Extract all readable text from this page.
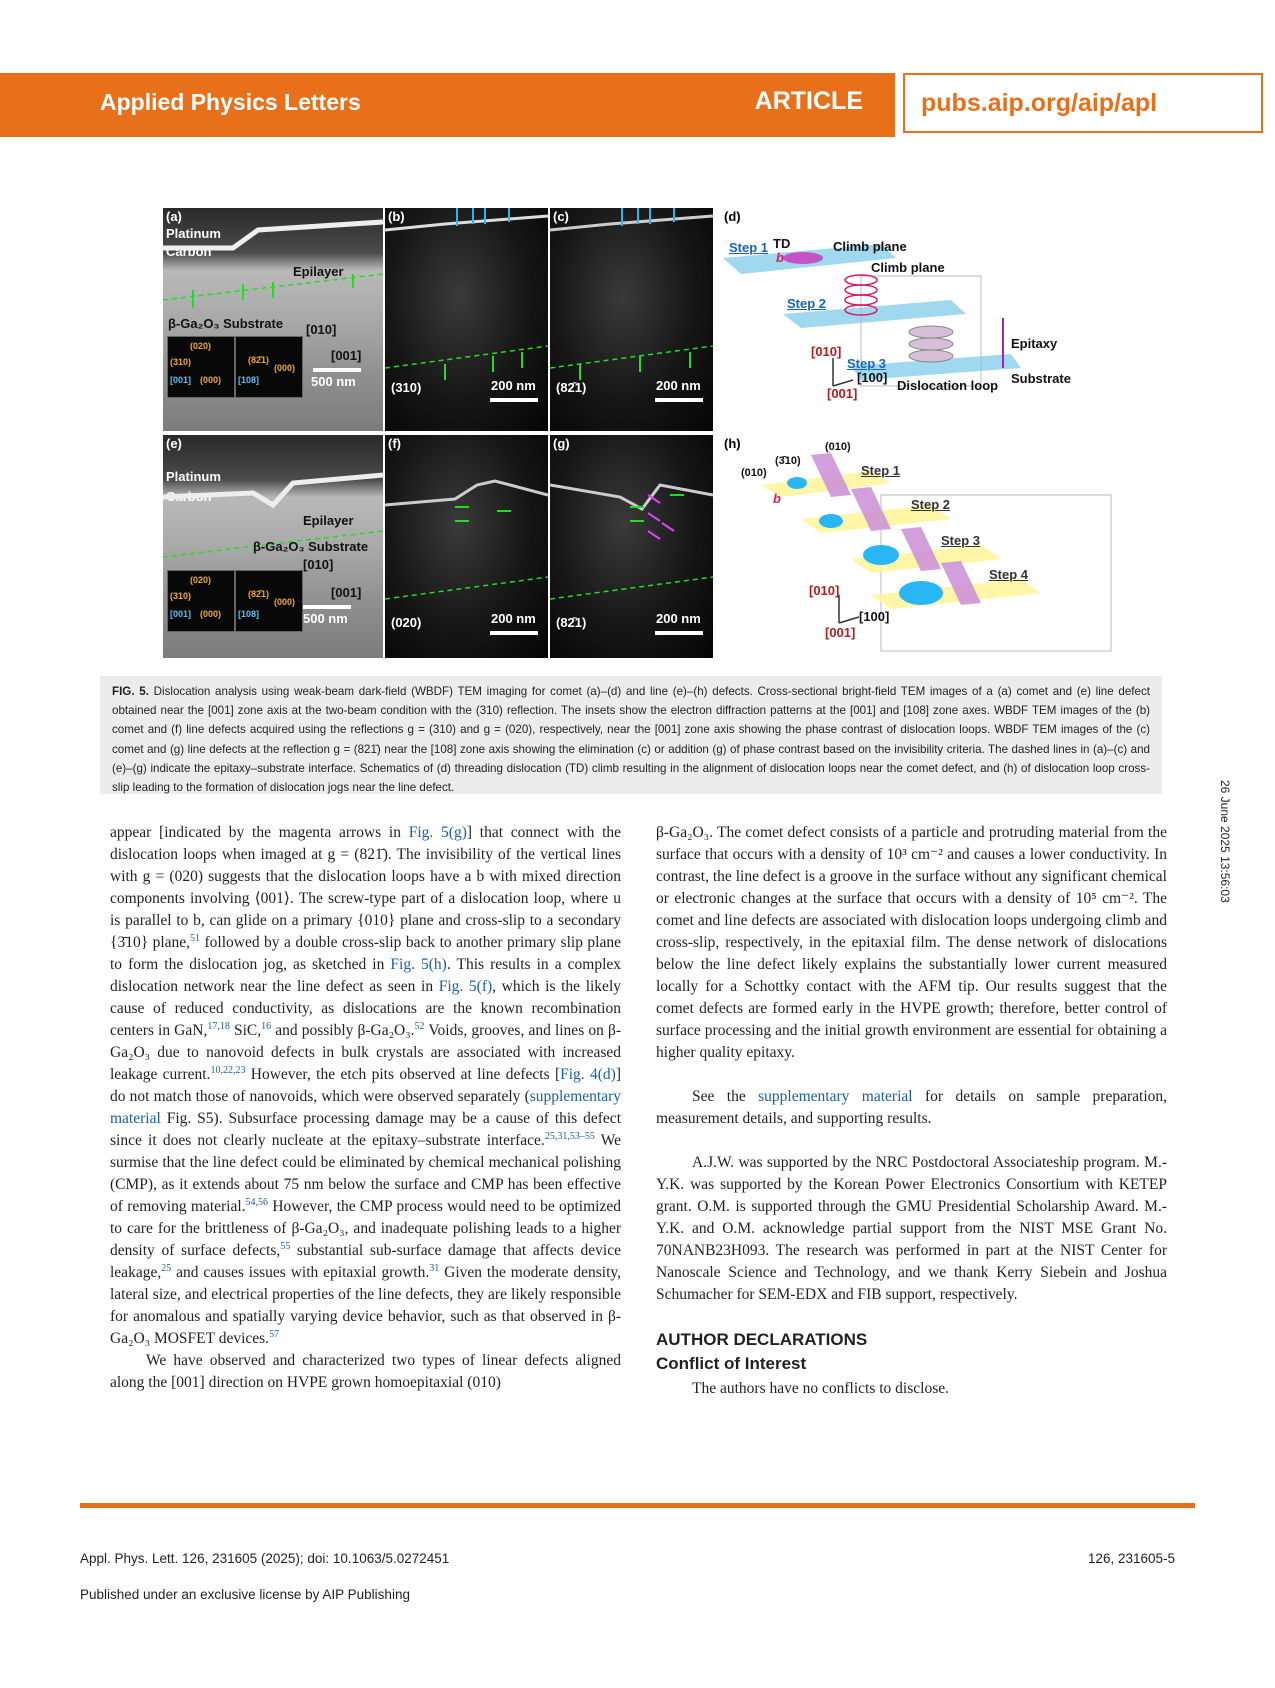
Applied Physics Letters	ARTICLE pubs.aip.org/aip/apl
(a)
Platinum
Carbon
Epilayer
β-Ga₂O₃ Substrate [010]
[001]
(020)
(310)
(000)
[001]
(82̄1)
(000)
[108]	500 nm
(b)
200 nm
(310)
(c)
200 nm
(82̄1)
(d)
Step 1 TD
b
Climb plane
Climb plane
Step 2
Step 3
Epitaxy
Substrate
Dislocation loop
[010]
[100]
[001]
(e)
Platinum
Carbon
Epilayer
β-Ga₂O₃ Substrate
[010]
[001]
(020)
(310)
(000)
[001]
(82̄1)
(000)
[108]	500 nm
(f)
200 nm
(020)
(g)
200 nm
(82̄1)
(h)
(3̄10)
(010)
(010)
b
Step 1
Step 2
Step 3
Step 4
[010]
[100]
[001]
FIG. 5. Dislocation analysis using weak-beam dark-field (WBDF) TEM imaging for comet (a)–(d) and line (e)–(h) defects. Cross-sectional bright-field TEM images of a (a) comet and (e) line defect obtained near the [001] zone axis at the two-beam condition with the (310) reflection. The insets show the electron diffraction patterns at the [001] and [108] zone axes. WBDF TEM images of the (b) comet and (f) line defects acquired using the reflections g = (310) and g = (020), respectively, near the [001] zone axis showing the phase contrast of dislocation loops. WBDF TEM images of the (c) comet and (g) line defects at the reflection g = (821̄) near the [108] zone axis showing the elimination (c) or addition (g) of phase contrast based on the invisibility criteria. The dashed lines in (a)–(c) and (e)–(g) indicate the epitaxy–substrate interface. Schematics of (d) threading dislocation (TD) climb resulting in the alignment of dislocation loops near the comet defect, and (h) of dislocation loop cross-slip leading to the formation of dislocation jogs near the line defect.

appear [indicated by the magenta arrows in Fig. 5(g)] that connect with the dislocation loops when imaged at g = (821̄). The invisibility of the vertical lines with g = (020) suggests that the dislocation loops have a b with mixed direction components involving ⟨001⟩. The screw-type part of a dislocation loop, where u is parallel to b, can glide on a primary {010} plane and cross-slip to a secondary {3̄10} plane,$^{51}$ followed by a double cross-slip back to another primary slip plane to form the dislocation jog, as sketched in Fig. 5(h). This results in a complex dislocation network near the line defect as seen in Fig. 5(f), which is the likely cause of reduced conductivity, as dislocations are the known recombination centers in GaN,$^{17,18}$ SiC,$^{16}$ and possibly β-Ga₂O₃.$^{52}$ Voids, grooves, and lines on β-Ga₂O₃ due to nanovoid defects in bulk crystals are associated with increased leakage current.$^{10,22,23}$ However, the etch pits observed at line defects [Fig. 4(d)] do not match those of nanovoids, which were observed separately (supplementary material Fig. S5). Subsurface processing damage may be a cause of this defect since it does not clearly nucleate at the epitaxy–substrate interface.$^{25,31,53-55}$ We surmise that the line defect could be eliminated by chemical mechanical polishing (CMP), as it extends about 75 nm below the surface and CMP has been effective of removing material.$^{54,56}$ However, the CMP process would need to be optimized to care for the brittleness of β-Ga₂O₃, and inadequate polishing leads to a higher density of surface defects,$^{55}$ substantial sub-surface damage that affects device leakage,$^{25}$ and causes issues with epitaxial growth.$^{31}$ Given the moderate density, lateral size, and electrical properties of the line defects, they are likely responsible for anomalous and spatially varying device behavior, such as that observed in β-Ga₂O₃ MOSFET devices.$^{57}$

We have observed and characterized two types of linear defects aligned along the [001] direction on HVPE grown homoepitaxial (010)

β-Ga₂O₃. The comet defect consists of a particle and protruding material from the surface that occurs with a density of 10³ cm⁻² and causes a lower conductivity. In contrast, the line defect is a groove in the surface without any significant chemical or electronic changes at the surface that occurs with a density of 10⁵ cm⁻². The comet and line defects are associated with dislocation loops undergoing climb and cross-slip, respectively, in the epitaxial film. The dense network of dislocations below the line defect likely explains the substantially lower current measured locally for a Schottky contact with the AFM tip. Our results suggest that the comet defects are formed early in the HVPE growth; therefore, better control of surface processing and the initial growth environment are essential for obtaining a higher quality epitaxy.

See the supplementary material for details on sample preparation, measurement details, and supporting results.

A.J.W. was supported by the NRC Postdoctoral Associateship program. M.-Y.K. was supported by the Korean Power Electronics Consortium with KETEP grant. O.M. is supported through the GMU Presidential Scholarship Award. M.-Y.K. and O.M. acknowledge partial support from the NIST MSE Grant No. 70NANB23H093. The research was performed in part at the NIST Center for Nanoscale Science and Technology, and we thank Kerry Siebein and Joshua Schumacher for SEM-EDX and FIB support, respectively.

AUTHOR DECLARATIONS
Conflict of Interest

The authors have no conflicts to disclose.

Appl. Phys. Lett. 126, 231605 (2025); doi: 10.1063/5.0272451
Published under an exclusive license by AIP Publishing
126, 231605-5
26 June 2025 13:56:03
